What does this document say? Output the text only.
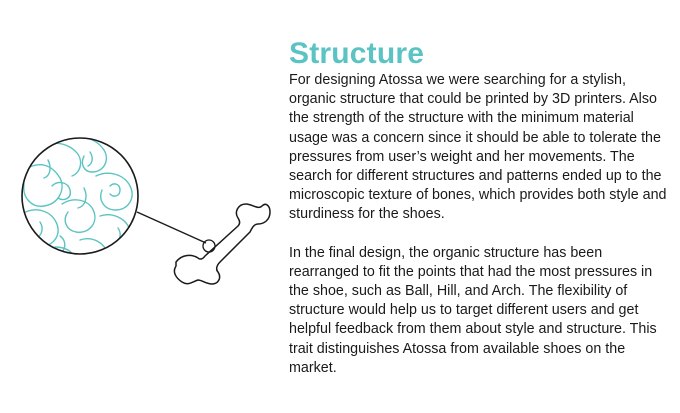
Structure

For designing Atossa we were searching for a stylish, organic structure that could be printed by 3D printers. Also the strength of the structure with the minimum material usage was a concern since it should be able to tolerate the pressures from user’s weight and her movements. The search for different structures and patterns ended up to the microscopic texture of bones, which provides both style and sturdiness for the shoes.

In the final design, the organic structure has been rearranged to fit the points that had the most pressures in the shoe, such as Ball, Hill, and Arch. The flexibility of structure would help us to target different users and get helpful feedback from them about style and structure. This trait distinguishes Atossa from available shoes on the market.
